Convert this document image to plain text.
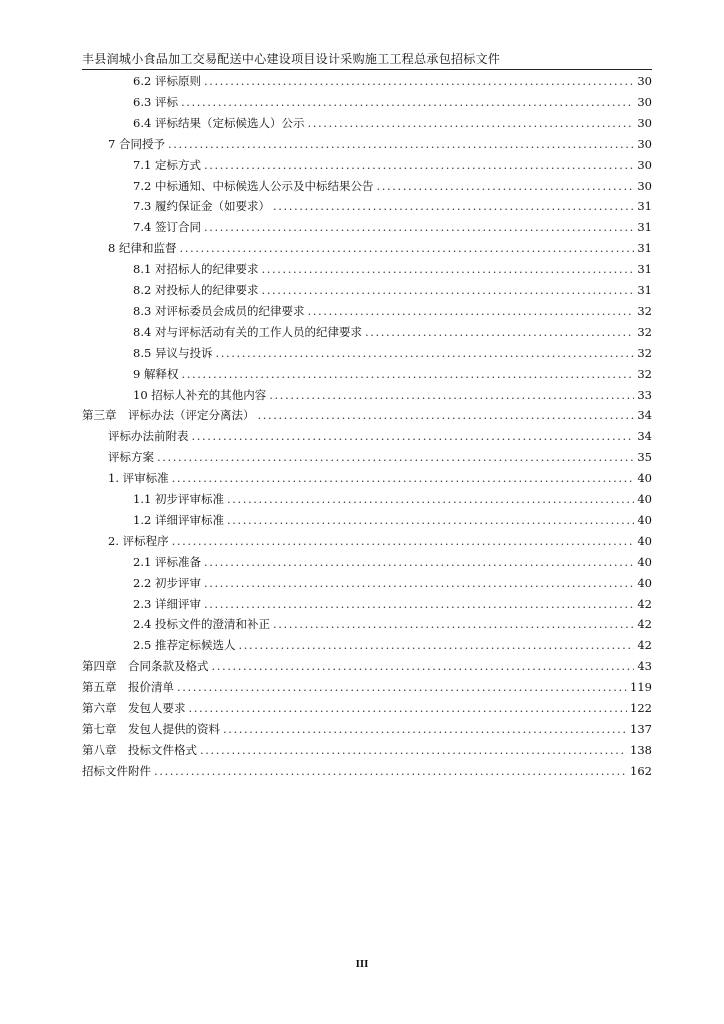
丰县润城小食品加工交易配送中心建设项目设计采购施工工程总承包招标文件
6.2 评标原则 .....	30
6.3 评标 .....	30
6.4 评标结果（定标候选人）公示 .....	30
7 合同授予 .....	30
7.1 定标方式 .....	30
7.2 中标通知、中标候选人公示及中标结果公告 .....	30
7.3 履约保证金（如要求） .....	31
7.4 签订合同 .....	31
8 纪律和监督 .....	31
8.1 对招标人的纪律要求 .....	31
8.2 对投标人的纪律要求 .....	31
8.3 对评标委员会成员的纪律要求 .....	32
8.4 对与评标活动有关的工作人员的纪律要求 .....	32
8.5 异议与投诉 .....	32
9 解释权 .....	32
10 招标人补充的其他内容 .....	33
第三章　评标办法（评定分离法） .....	34
评标办法前附表 .....	34
评标方案 .....	35
1. 评审标准 .....	40
1.1 初步评审标准 .....	40
1.2 详细评审标准 .....	40
2. 评标程序 .....	40
2.1 评标准备 .....	40
2.2 初步评审 .....	40
2.3 详细评审 .....	42
2.4 投标文件的澄清和补正 .....	42
2.5 推荐定标候选人 .....	42
第四章　合同条款及格式 .....	43
第五章　报价清单 .....	119
第六章　发包人要求 .....	122
第七章　发包人提供的资料 .....	137
第八章　投标文件格式 .....	138
招标文件附件 .....	162
III
